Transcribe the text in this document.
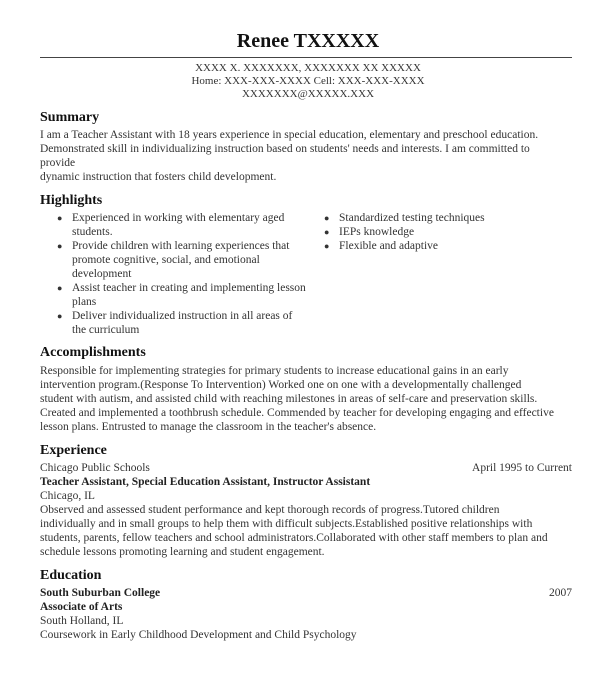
Renee TXXXXX
XXXX X. XXXXXXX, XXXXXXX XX XXXXX
Home: XXX-XXX-XXXX Cell: XXX-XXX-XXXX
XXXXXXX@XXXXX.XXX
Summary
I am a Teacher Assistant with 18 years experience in special education, elementary and preschool education.
Demonstrated skill in individualizing instruction based on students' needs and interests. I am committed to
provide
dynamic instruction that fosters child development.
Highlights
● Experienced in working with elementary aged students.
● Provide children with learning experiences that promote cognitive, social, and emotional development
● Assist teacher in creating and implementing lesson plans
● Deliver individualized instruction in all areas of the curriculum
● Standardized testing techniques
● IEPs knowledge
● Flexible and adaptive
Accomplishments
Responsible for implementing strategies for primary students to increase educational gains in an early
intervention program.(Response To Intervention) Worked one on one with a developmentally challenged
student with autism, and assisted child with reaching milestones in areas of self-care and preservation skills.
Created and implemented a toothbrush schedule. Commended by teacher for developing engaging and effective
lesson plans. Entrusted to manage the classroom in the teacher's absence.
Experience
Chicago Public Schools	April 1995 to Current
Teacher Assistant, Special Education Assistant, Instructor Assistant
Chicago, IL
Observed and assessed student performance and kept thorough records of progress.Tutored children
individually and in small groups to help them with difficult subjects.Established positive relationships with
students, parents, fellow teachers and school administrators.Collaborated with other staff members to plan and
schedule lessons promoting learning and student engagement.
Education
South Suburban College	2007
Associate of Arts
South Holland, IL
Coursework in Early Childhood Development and Child Psychology
